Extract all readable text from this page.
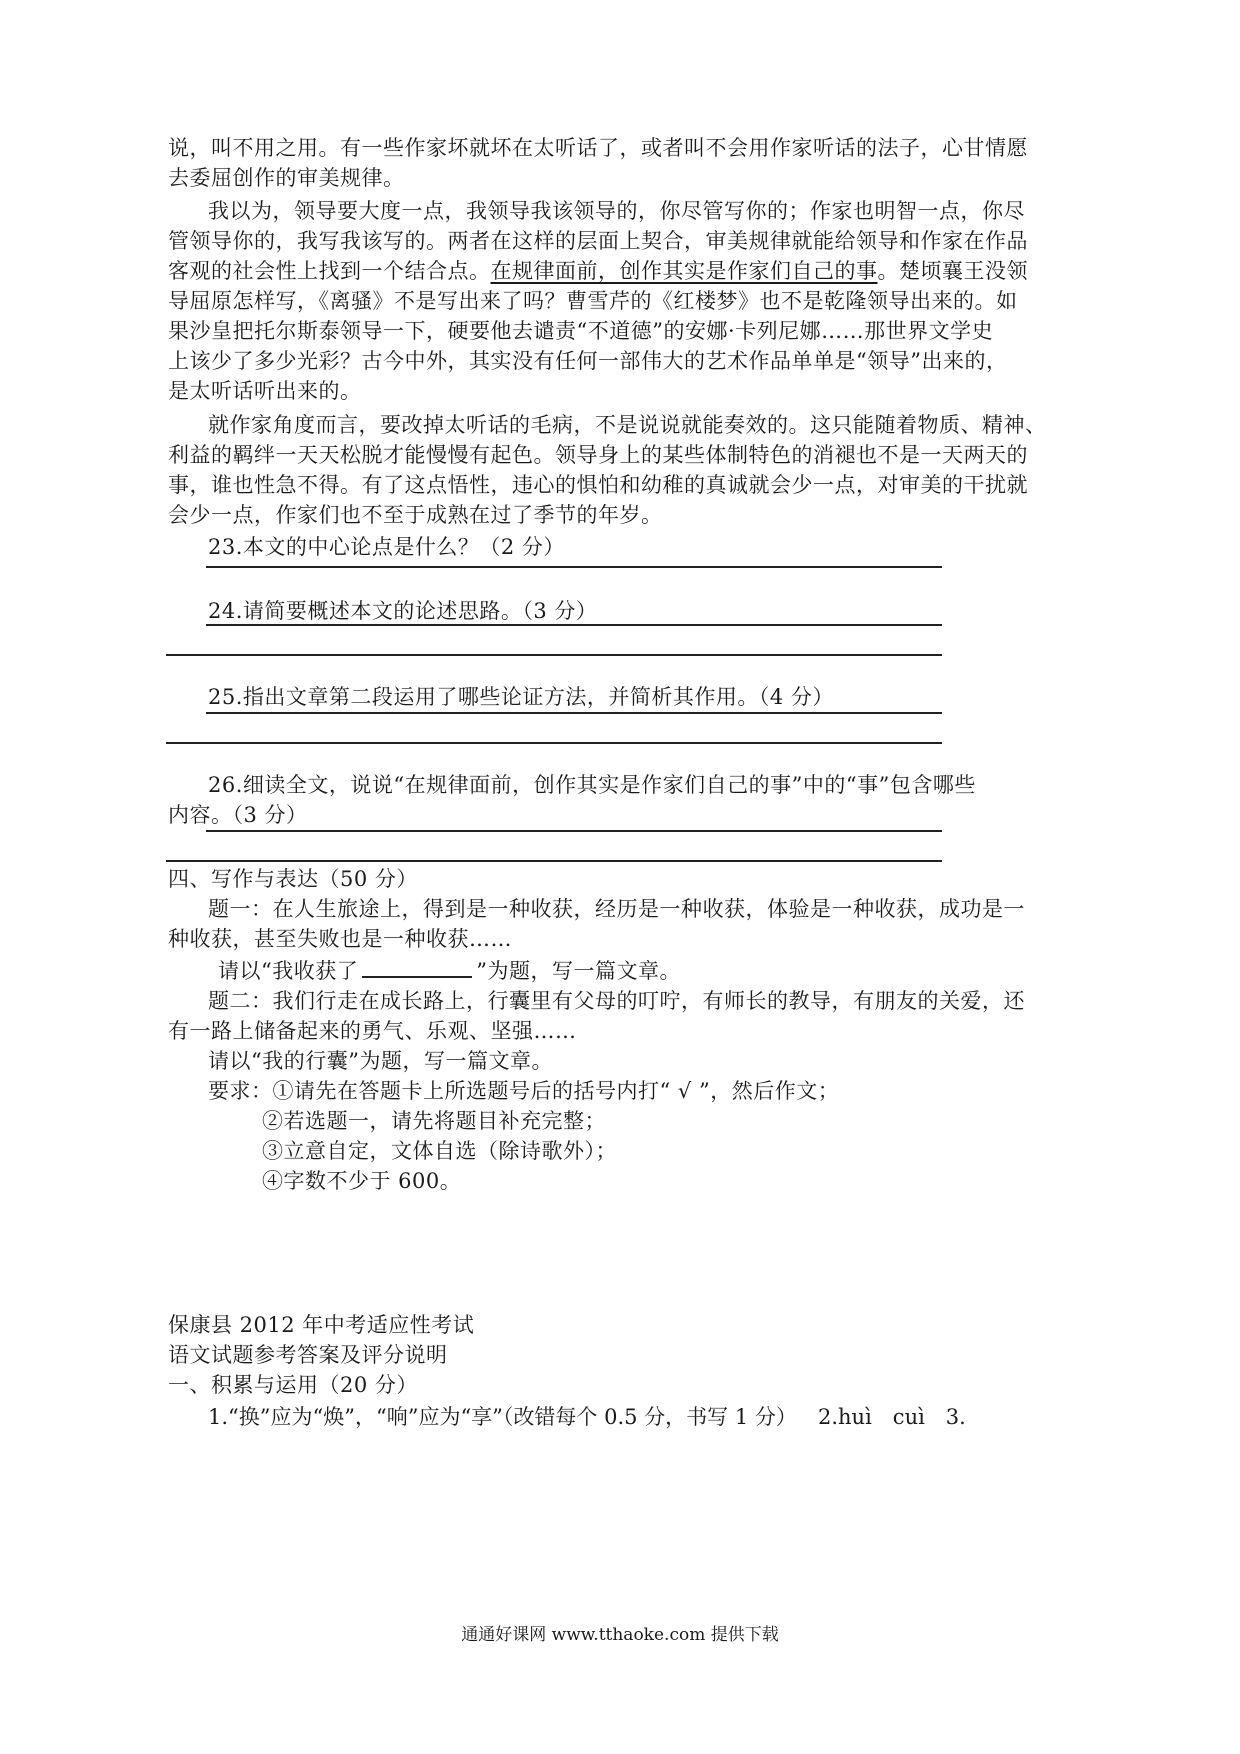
说，叫不用之用。有一些作家坏就坏在太听话了，或者叫不会用作家听话的法子，心甘情愿
去委屈创作的审美规律。
我以为，领导要大度一点，我领导我该领导的，你尽管写你的；作家也明智一点，你尽
管领导你的，我写我该写的。两者在这样的层面上契合，审美规律就能给领导和作家在作品
客观的社会性上找到一个结合点。在规律面前，创作其实是作家们自己的事。楚顷襄王没领
导屈原怎样写，《离骚》不是写出来了吗？曹雪芹的《红楼梦》也不是乾隆领导出来的。如
果沙皇把托尔斯泰领导一下，硬要他去谴责“不道德”的安娜·卡列尼娜……那世界文学史
上该少了多少光彩？古今中外，其实没有任何一部伟大的艺术作品单单是“领导”出来的，
是太听话听出来的。
就作家角度而言，要改掉太听话的毛病，不是说说就能奏效的。这只能随着物质、精神、
利益的羁绊一天天松脱才能慢慢有起色。领导身上的某些体制特色的消褪也不是一天两天的
事，谁也性急不得。有了这点悟性，违心的惧怕和幼稚的真诚就会少一点，对审美的干扰就
会少一点，作家们也不至于成熟在过了季节的年岁。
23.本文的中心论点是什么？（2 分）
24.请简要概述本文的论述思路。（3 分）
25.指出文章第二段运用了哪些论证方法，并简析其作用。（4 分）
26.细读全文，说说“在规律面前，创作其实是作家们自己的事”中的“事”包含哪些
内容。（3 分）
四、写作与表达（50 分）
题一：在人生旅途上，得到是一种收获，经历是一种收获，体验是一种收获，成功是一
种收获，甚至失败也是一种收获……
请以“我收获了	”为题，写一篇文章。
题二：我们行走在成长路上，行囊里有父母的叮咛，有师长的教导，有朋友的关爱，还
有一路上储备起来的勇气、乐观、坚强……
请以“我的行囊”为题，写一篇文章。
要求：①请先在答题卡上所选题号后的括号内打“ √ ”，然后作文；
②若选题一，请先将题目补充完整；
③立意自定，文体自选（除诗歌外）；
④字数不少于 600。
保康县 2012 年中考适应性考试
语文试题参考答案及评分说明
一、积累与运用（20 分）
1.“换”应为“焕”，“响”应为“享”（改错每个 0.5 分，书写 1 分） 2.huì　cuì　3.
通通好课网 www.tthaoke.com 提供下载
